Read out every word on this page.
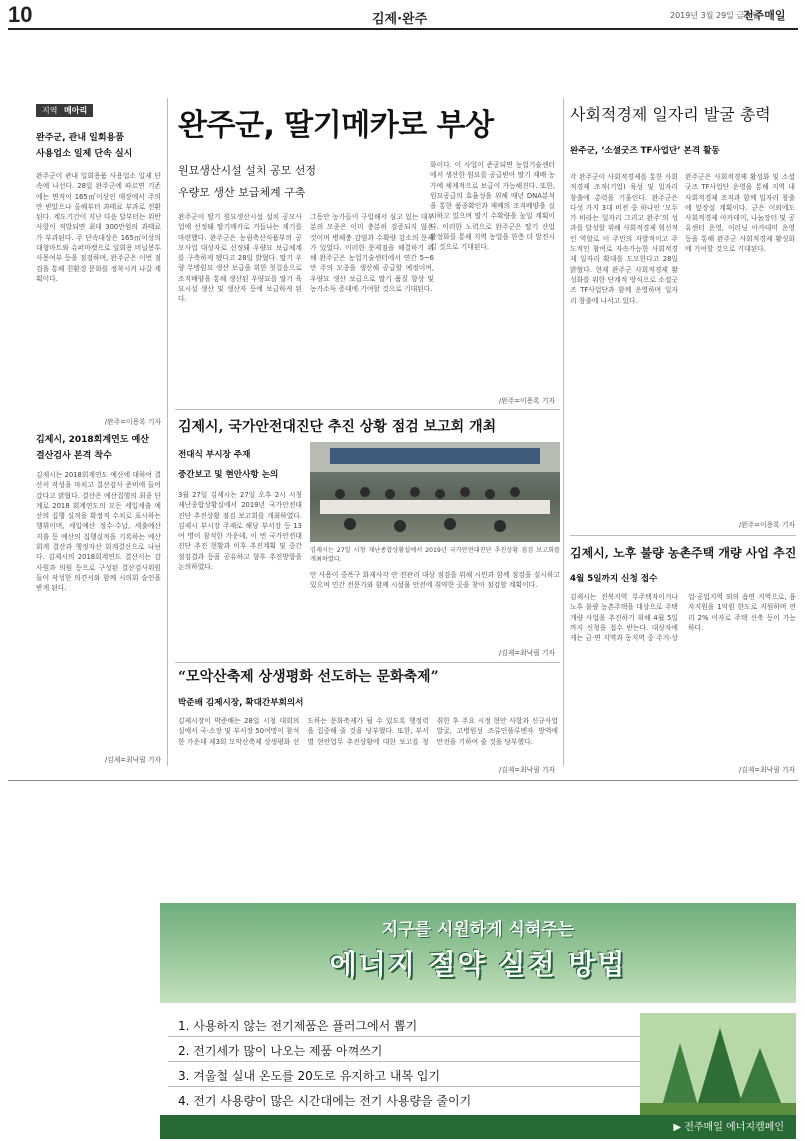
10	김제·완주	2019년 3월 29일 금요일
전주매일
지역 메아리
완주군, 관내 일회용품
사용업소 일제 단속 실시

완주군이 관내 일회용품 사용업소 일제 단속에 나선다. 28일 완주군에 따르면 기존에는 면적이 165㎡이상인 매장에서 주의만 받았으나 올해부터 과태료 부과로 전환된다. 계도기간이 지난 다음 달부터는 위반 사항이 적발되면 최대 300만원의 과태료가 부과된다. 주 단속대상은 165㎡이상의 대형마트와 슈퍼마켓으로 일회용 비닐봉투 사용여부 등을 점검하며, 완주군은 이번 점검을 통해 친환경 문화를 정착시켜 나갈 계획이다.

/완주=이용록 기자
김제시, 2018회계연도 예산
결산검사 본격 착수

김제시는 2018회계연도 예산에 대하여 결산서 작성을 마치고 결산검사 준비에 들어갔다고 밝혔다. 결산은 예산집행의 최종 단계로 2018 회계연도의 모든 세입세출 예산의 집행 실적을 확정적 수치로 표시하는 행위이며, 세입예산 정수·수납, 세출예산 지출 등 예산의 집행실적을 기록하는 예산회계 결산과 행정자산 회계결산으로 나뉜다. 김제시의 2018회계연도 결산서는 감사원과 의원 등으로 구성된 결산검사위원들이 작성한 의견서와 함께 시의회 승인을 받게 된다.

/김제=최낙필 기자
완주군, 딸기메카로 부상
원묘생산시설 설치 공모 선정
우량모 생산 보급체계 구축

완주군이 딸기 원묘생산시설 설치 공모사업에 선정돼 딸기메카로 거듭나는 계기를 마련했다. 완주군은 농림축산식품부의 공모사업 대상자로 선정돼 우량묘 보급체계를 구축하게 됐다고 28일 밝혔다. 딸기 우량 무병원묘 생산 보급을 위한 첫걸음으로 조직배양을 통해 생산된 우량묘를 딸기 육묘시설 생산 및 생산자 등에 보급하게 된다.

그동안 농가들이 구입해서 심고 있는 대부분의 모종은 이미 충분히 검증되지 않은 것이며 병해충 감염과 수확량 감소의 문제가 있었다. 이러한 문제점을 해결하기 위해 완주군은 농업기술센터에서 연간 5~6만 주의 모종을 생산해 공급할 예정이며, 우량묘 생산 보급으로 딸기 품질 향상 및 농가소득 증대에 기여할 것으로 기대된다.

화이다. 이 사업이 준공되면 농업기술센터에서 생산한 원묘를 공급받아 딸기 재배 농가에 체계적으로 보급이 가능해진다. 또한, 원묘공급의 효율성을 위해 매년 DNA분석을 통한 품종확인과 재배의 조직배양을 실시하고 있으며 딸기 수확량을 높일 계획이다. 이러한 노력으로 완주군은 딸기 산업 활성화를 통해 지역 농업을 한층 더 발전시킬 것으로 기대된다.

/완주=이용록 기자
김제시, 국가안전대진단 추진 상황 점검 보고회 개최
전대식 부시장 주재
중간보고 및 현안사항 논의

3월 27일 김제시는 27일 오후 2시 시청 재난종합상황실에서 2019년 국가안전대진단 추진상황 점검 보고회를 개최하였다. 김제시 부시장 주재로 해당 부서장 등 13여 명이 참석한 가운데, 이 번 국가안전대진단 추진 현황과 이후 추진계획 및 중간 점검결과 등을 공유하고 향후 추진방향을 논의하였다.

김제시는 27일 시청 재난종합상황실에서 2019년 국가안전대진단 추진상황 점검 보고회를 개최하였다.

안 사용이 중폭구 화재사각 안 전관리 대상 점검을 위해 시민과 함께 점검을 실시하고 있으며 민간 전문가와 함께 시설물 안전에 취약한 곳을 찾아 점검할 계획이다.

/김제=최낙필 기자
“모악산축제 상생평화 선도하는 문화축제”
박준배 김제시장, 확대간부회의서

김제시장이 박준배는 28일 시청 대회의실에서 국·소장 및 부서장 50여명이 참석한 가운데 제3회 모악산축제 상생평화 선도하는 문화축제가 될 수 있도록 행정력을 집중해 줄 것을 당부했다. 또한, 부서별 현안업무 추진상황에 대한 보고를 청취한 후 주요 시정 현안 사항과 신규사업 발굴, 고병원성 조류인플루엔자 방역에 만전을 기하여 줄 것을 당부했다.

/김제=최낙필 기자
사회적경제 일자리 발굴 총력
완주군, ‘소셜굿즈 TF사업단’ 본격 활동

각 완주군이 사회적경제를 통한 사회적경제 조직(기업) 육성 및 일자리 창출에 총력을 기울인다. 완주군은 다섯 가지 3대 비전 중 하나인 ‘모두가 바라는 일자리 그리고 완주’의 성과를 달성할 위해 사회적경제 혁신적인 역할로 이 주민의 자발적이고 주도적인 참여로 자속가능한 사회적경제 일자리 확대를 도모한다고 28일 밝혔다. 현재 완주군 사회적경제 활성화를 위한 단계적 방식으로 소셜굿즈 TF사업단과 함께 운영하며 일자리 창출에 나서고 있다.

완주군은 사회적경제 활성화 및 소셜굿즈 TF사업단 운영을 통해 지역 내 사회적경제 조직과 함께 일자리 창출에 앞장설 계획이다. 군은 이외에도 사회적경제 아카데미, 나눔장터 및 공유센터 운영, 이러닝 아카데미 운영 등을 통해 완주군 사회적경제 활성화에 기여할 것으로 기대된다.

/완주=이용록 기자
김제시, 노후 불량 농촌주택 개량 사업 추진
4월 5일까지 신청 접수

김제시는 전북지역 무주택자이거나 노후 불량 농촌주택을 대상으로 주택개량 사업을 추진하기 위해 4월 5일까지 신청을 접수 받는다. 대상자에게는 금·면 지역과 동지역 중 주거·상업·공업지역 외의 읍면 지역으로, 융자지원을 1억원 한도로 지원하며 연리 2% 이자로 주택 신축 등이 가능하다.

/김제=최낙필 기자
지구를 시원하게 식혀주는
에너지 절약 실천 방법
1. 사용하지 않는 전기제품은 플러그에서 뽑기
2. 전기세가 많이 나오는 제품 아껴쓰기
3. 겨울철 실내 온도를 20도로 유지하고 내복 입기
4. 전기 사용량이 많은 시간대에는 전기 사용량을 줄이기
▶ 전주매일 에너지캠페인
